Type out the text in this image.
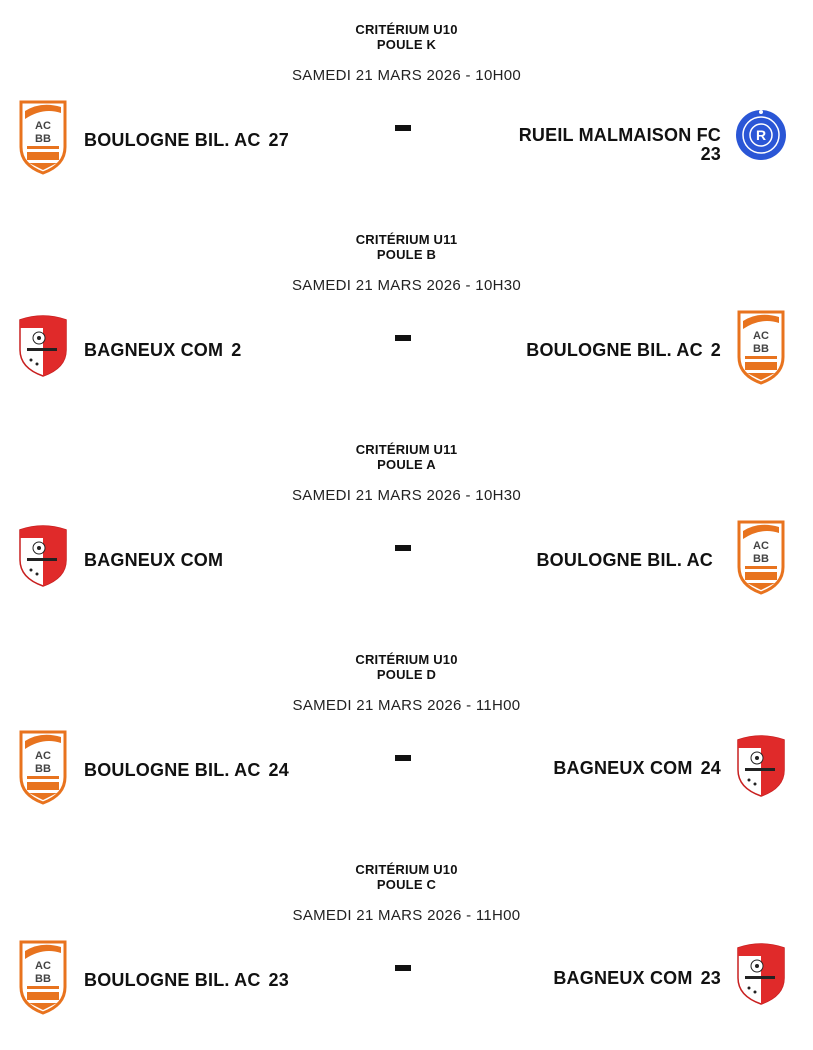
CRITÉRIUM U10
POULE K
SAMEDI 21 MARS 2026 - 10H00
AC
BB BOULOGNE BIL. AC 27	RUEIL MALMAISON FC
23
R
CRITÉRIUM U11
POULE B
SAMEDI 21 MARS 2026 - 10H30
BAGNEUX COM 2	BOULOGNE BIL. AC 2
AC
BB
CRITÉRIUM U11
POULE A
SAMEDI 21 MARS 2026 - 10H30
BAGNEUX COM	BOULOGNE BIL. AC
AC
BB
CRITÉRIUM U10
POULE D
SAMEDI 21 MARS 2026 - 11H00
AC
BB BOULOGNE BIL. AC 24	BAGNEUX COM 24
CRITÉRIUM U10
POULE C
SAMEDI 21 MARS 2026 - 11H00
AC
BB BOULOGNE BIL. AC 23	BAGNEUX COM 23
